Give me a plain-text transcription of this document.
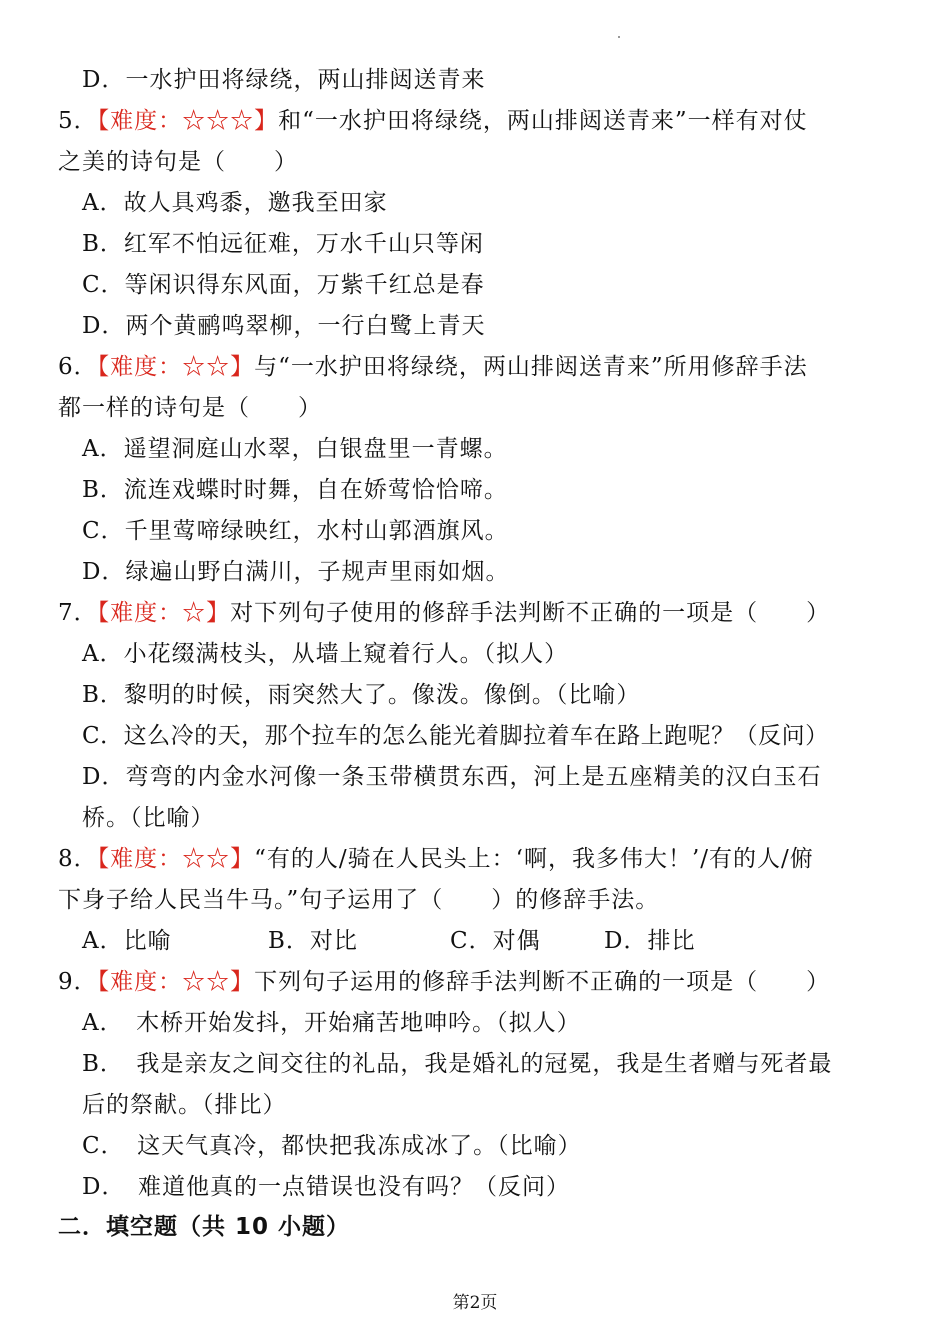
D．一水护田将绿绕，两山排闼送青来
5．【难度：☆☆☆】和“一水护田将绿绕，两山排闼送青来”一样有对仗
之美的诗句是（　　）
A．故人具鸡黍，邀我至田家
B．红军不怕远征难，万水千山只等闲
C．等闲识得东风面，万紫千红总是春
D．两个黄鹂鸣翠柳，一行白鹭上青天
6．【难度：☆☆】与“一水护田将绿绕，两山排闼送青来”所用修辞手法
都一样的诗句是（　　）
A．遥望洞庭山水翠，白银盘里一青螺。
B．流连戏蝶时时舞，自在娇莺恰恰啼。
C．千里莺啼绿映红，水村山郭酒旗风。
D．绿遍山野白满川，子规声里雨如烟。
7．【难度：☆】对下列句子使用的修辞手法判断不正确的一项是（　　）
A．小花缀满枝头，从墙上窥着行人。（拟人）
B．黎明的时候，雨突然大了。像泼。像倒。（比喻）
C．这么冷的天，那个拉车的怎么能光着脚拉着车在路上跑呢？（反问）
D．弯弯的内金水河像一条玉带横贯东西，河上是五座精美的汉白玉石
桥。（比喻）
8．【难度：☆☆】“有的人/骑在人民头上：‘啊，我多伟大！’/有的人/俯
下身子给人民当牛马。”句子运用了（　　）的修辞手法。
A．比喻	B．对比	C．对偶	D．排比
9．【难度：☆☆】下列句子运用的修辞手法判断不正确的一项是（　　）
A．　木桥开始发抖，开始痛苦地呻吟。（拟人）
B．　我是亲友之间交往的礼品，我是婚礼的冠冕，我是生者赠与死者最
后的祭献。（排比）
C．　这天气真冷，都快把我冻成冰了。（比喻）
D．　难道他真的一点错误也没有吗？（反问）
二．填空题（共 10 小题）
第2页
